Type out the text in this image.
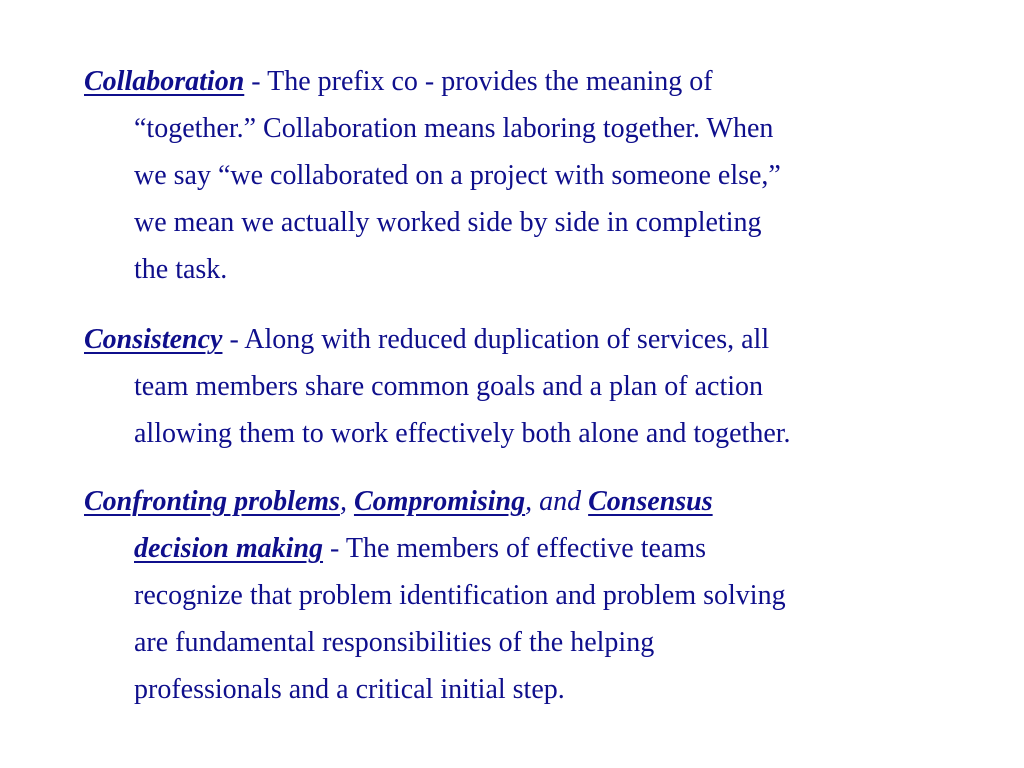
Collaboration - The prefix co - provides the meaning of
“together.” Collaboration means laboring together. When
we say “we collaborated on a project with someone else,”
we mean we actually worked side by side in completing
the task.

Consistency - Along with reduced duplication of services, all
team members share common goals and a plan of action
allowing them to work effectively both alone and together.

Confronting problems, Compromising, and Consensus
decision making - The members of effective teams
recognize that problem identification and problem solving
are fundamental responsibilities of the helping
professionals and a critical initial step.
